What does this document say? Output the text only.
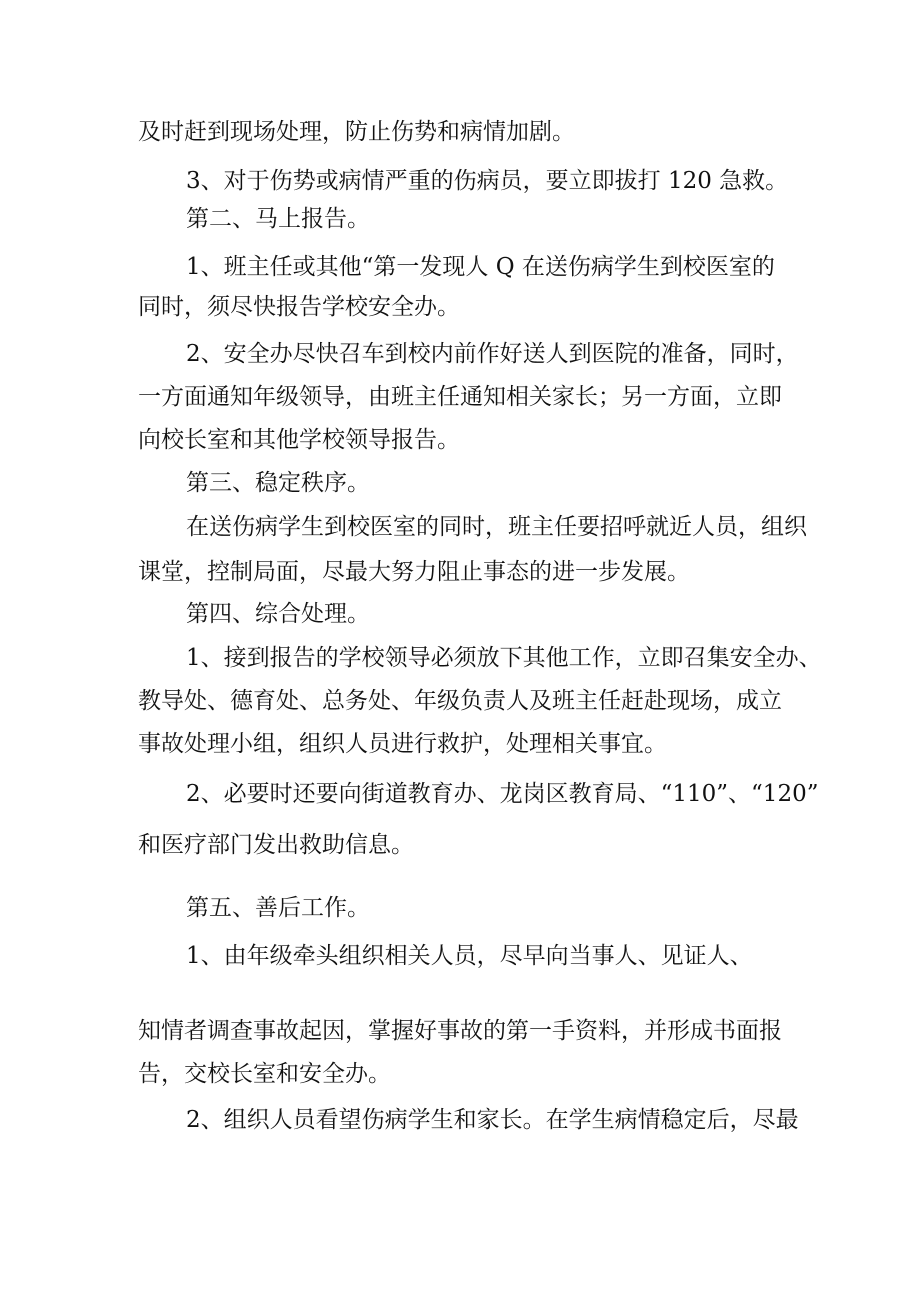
及时赶到现场处理，防止伤势和病情加剧。

3、对于伤势或病情严重的伤病员，要立即拔打 120 急救。

第二、马上报告。

1、班主任或其他“第一发现人 Q 在送伤病学生到校医室的

同时，须尽快报告学校安全办。

2、安全办尽快召车到校内前作好送人到医院的准备，同时，

一方面通知年级领导，由班主任通知相关家长；另一方面，立即

向校长室和其他学校领导报告。

第三、稳定秩序。

在送伤病学生到校医室的同时，班主任要招呼就近人员，组织

课堂，控制局面，尽最大努力阻止事态的进一步发展。

第四、综合处理。

1、接到报告的学校领导必须放下其他工作，立即召集安全办、

教导处、德育处、总务处、年级负责人及班主任赶赴现场，成立

事故处理小组，组织人员进行救护，处理相关事宜。

2、必要时还要向街道教育办、龙岗区教育局、“110”、“120”

和医疗部门发出救助信息。

第五、善后工作。

1、由年级牵头组织相关人员，尽早向当事人、见证人、

知情者调查事故起因，掌握好事故的第一手资料，并形成书面报

告，交校长室和安全办。

2、组织人员看望伤病学生和家长。在学生病情稳定后，尽最
